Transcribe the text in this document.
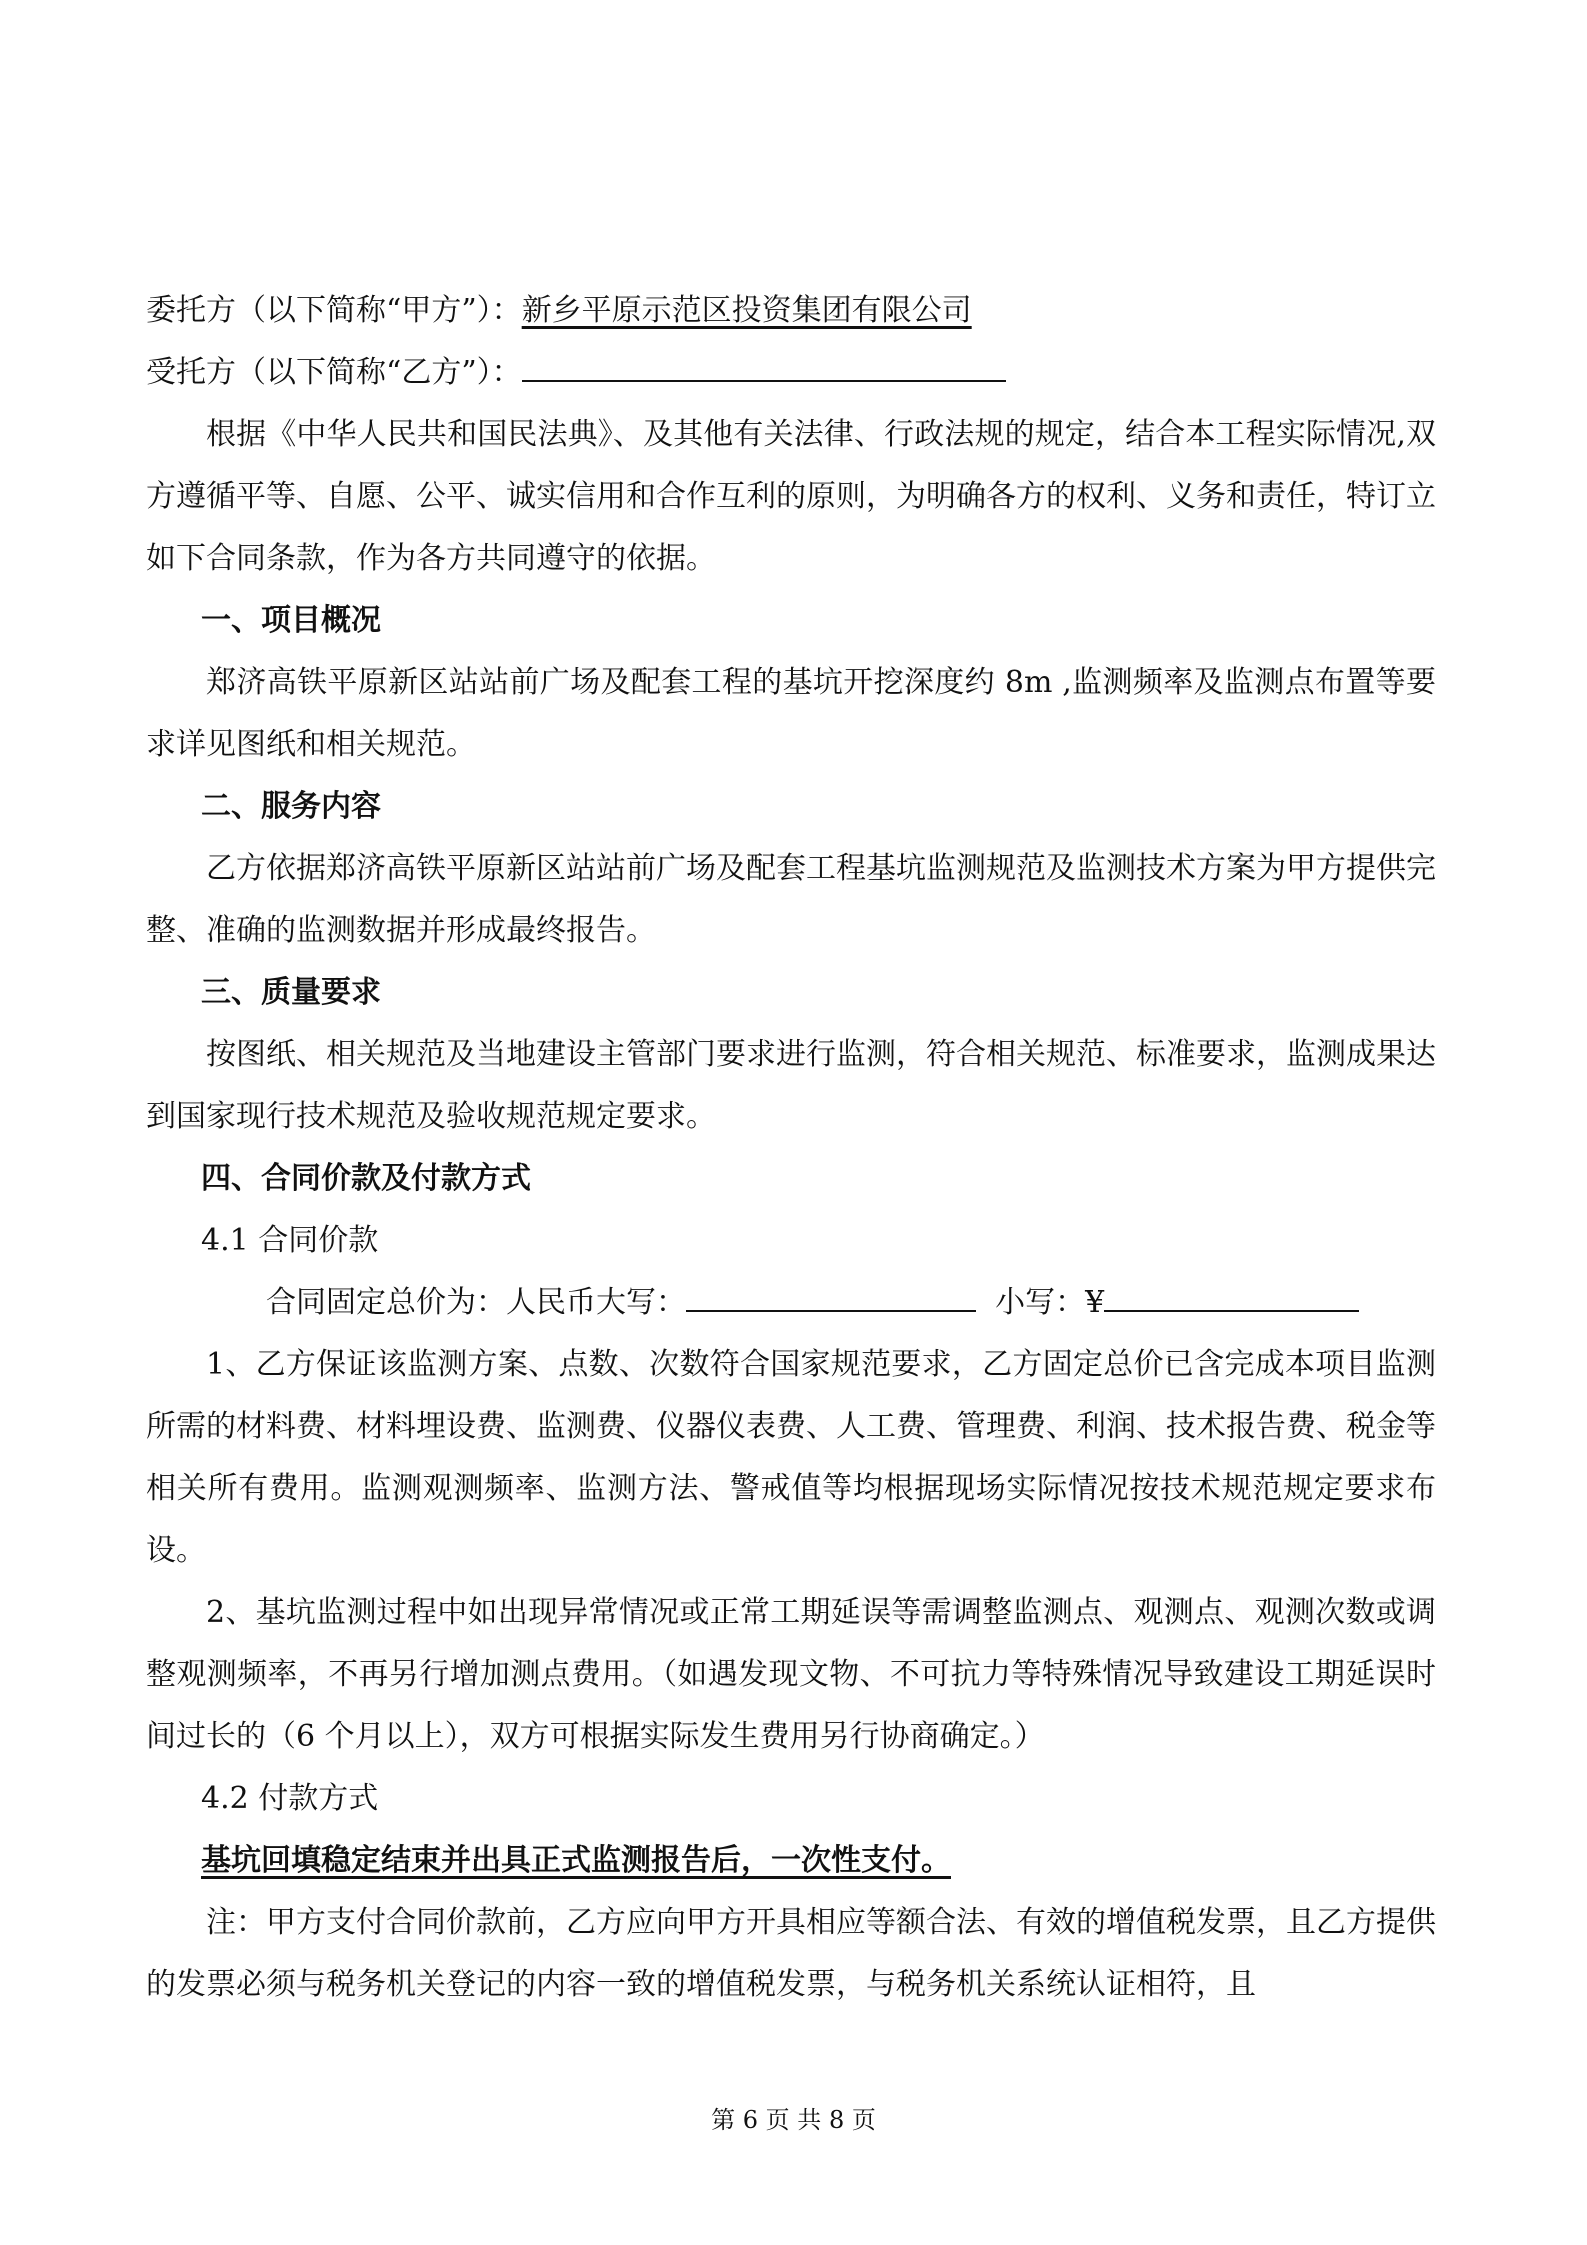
委托方（以下简称“甲方”）：新乡平原示范区投资集团有限公司

受托方（以下简称“乙方”）：

根据《中华人民共和国民法典》、及其他有关法律、行政法规的规定，结合本工程实际情况,双方遵循平等、自愿、公平、诚实信用和合作互利的原则，为明确各方的权利、义务和责任，特订立如下合同条款，作为各方共同遵守的依据。

一、项目概况

郑济高铁平原新区站站前广场及配套工程的基坑开挖深度约 8m ,监测频率及监测点布置等要求详见图纸和相关规范。

二、服务内容

乙方依据郑济高铁平原新区站站前广场及配套工程基坑监测规范及监测技术方案为甲方提供完整、准确的监测数据并形成最终报告。

三、质量要求

按图纸、相关规范及当地建设主管部门要求进行监测，符合相关规范、标准要求，监测成果达到国家现行技术规范及验收规范规定要求。

四、合同价款及付款方式

4.1 合同价款

合同固定总价为：人民币大写：	小写：¥

1、乙方保证该监测方案、点数、次数符合国家规范要求，乙方固定总价已含完成本项目监测所需的材料费、材料埋设费、监测费、仪器仪表费、人工费、管理费、利润、技术报告费、税金等相关所有费用。监测观测频率、监测方法、警戒值等均根据现场实际情况按技术规范规定要求布设。

2、基坑监测过程中如出现异常情况或正常工期延误等需调整监测点、观测点、观测次数或调整观测频率，不再另行增加测点费用。（如遇发现文物、不可抗力等特殊情况导致建设工期延误时间过长的（6 个月以上），双方可根据实际发生费用另行协商确定。）

4.2 付款方式

基坑回填稳定结束并出具正式监测报告后，一次性支付。

注：甲方支付合同价款前，乙方应向甲方开具相应等额合法、有效的增值税发票，且乙方提供的发票必须与税务机关登记的内容一致的增值税发票，与税务机关系统认证相符，且

第 6 页 共 8 页
